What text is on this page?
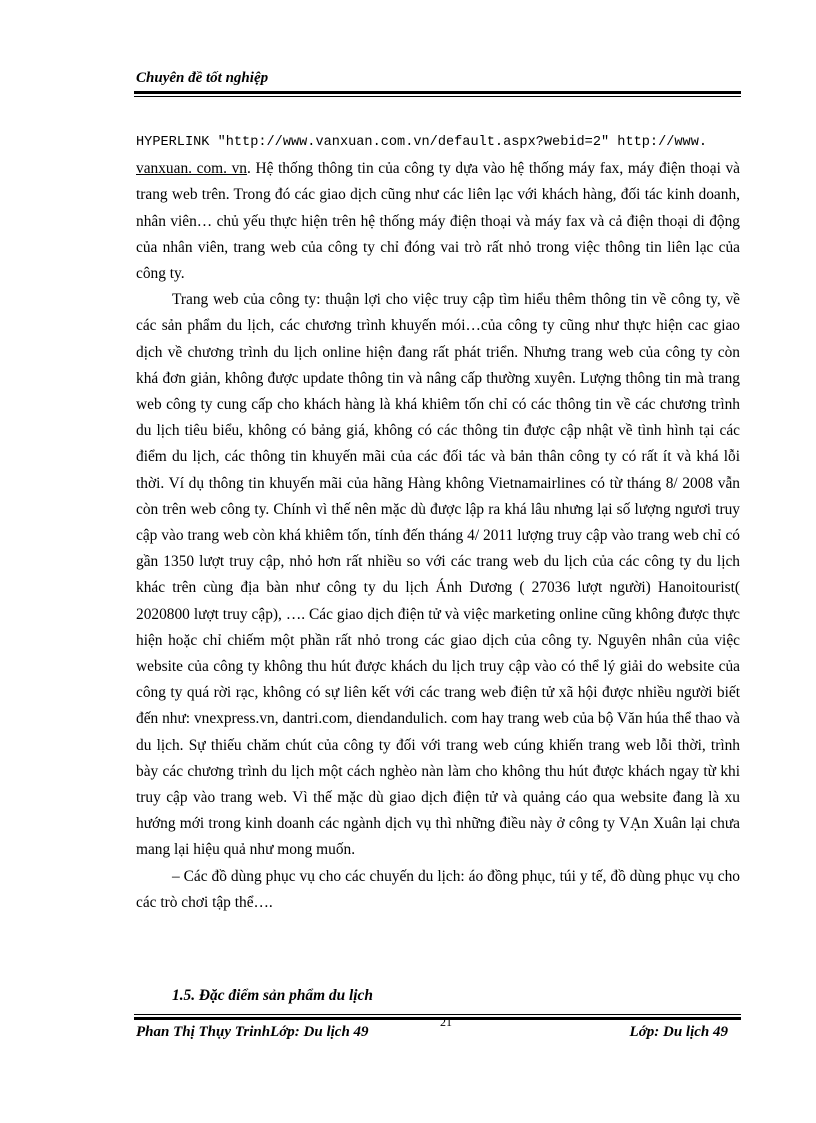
Chuyên đề tốt nghiệp

HYPERLINK "http://www.vanxuan.com.vn/default.aspx?webid=2" http://www.
vanxuan. com. vn. Hệ thống thông tin của công ty dựa vào hệ thống máy fax, máy điện thoại và trang web trên. Trong đó các giao dịch cũng như các liên lạc với khách hàng, đối tác kinh doanh, nhân viên… chủ yếu thực hiện trên hệ thống máy điện thoại và máy fax và cả điện thoại di động của nhân viên, trang web của công ty chỉ đóng vai trò rất nhỏ trong việc thông tin liên lạc của công ty.

Trang web của công ty: thuận lợi cho việc truy cập tìm hiểu thêm thông tin về công ty, về các sản phẩm du lịch, các chương trình khuyến mói…của công ty cũng như thực hiện cac giao dịch về chương trình du lịch online hiện đang rất phát triển. Nhưng trang web của công ty còn khá đơn giản, không được update thông tin và nâng cấp thường xuyên. Lượng thông tin mà trang web công ty cung cấp cho khách hàng là khá khiêm tốn chỉ có các thông tin về các chương trình du lịch tiêu biểu, không có bảng giá, không có các thông tin được cập nhật về tình hình tại các điểm du lịch, các thông tin khuyến mãi của các đối tác và bản thân công ty có rất ít và khá lỗi thời. Ví dụ thông tin khuyến mãi của hãng Hàng không Vietnamairlines có từ tháng 8/ 2008 vẫn còn trên web công ty. Chính vì thế nên mặc dù được lập ra khá lâu nhưng lại số lượng ngươi truy cập vào trang web còn khá khiêm tốn, tính đến tháng 4/ 2011 lượng truy cập vào trang web chỉ có gần 1350 lượt truy cập, nhỏ hơn rất nhiều so với các trang web du lịch của các công ty du lịch khác trên cùng địa bàn như công ty du lịch Ánh Dương ( 27036 lượt người) Hanoitourist( 2020800 lượt truy cập), …. Các giao dịch điện tử và việc marketing online cũng không được thực hiện hoặc chỉ chiếm một phần rất nhỏ trong các giao dịch của công ty. Nguyên nhân của việc website của công ty không thu hút được khách du lịch truy cập vào có thể lý giải do website của công ty quá rời rạc, không có sự liên kết với các trang web điện tử xã hội được nhiều người biết đến như: vnexpress.vn, dantri.com, diendandulich. com hay trang web của bộ Văn húa thể thao và du lịch. Sự thiếu chăm chút của công ty đối với trang web cúng khiến trang web lỗi thời, trình bày các chương trình du lịch một cách nghèo nàn làm cho không thu hút được khách ngay từ khi truy cập vào trang web. Vì thế mặc dù giao dịch điện tử và quảng cáo qua website đang là xu hướng mới trong kinh doanh các ngành dịch vụ thì những điều này ở công ty VẠn Xuân lại chưa mang lại hiệu quả như mong muốn.

– Các đồ dùng phục vụ cho các chuyến du lịch: áo đồng phục, túi y tế, đồ dùng phục vụ cho các trò chơi tập thể….

1.5. Đặc điểm sản phẩm du lịch
Phan Thị Thụy TrinhLớp: Du lịch 49
21
Lớp: Du lịch 49
